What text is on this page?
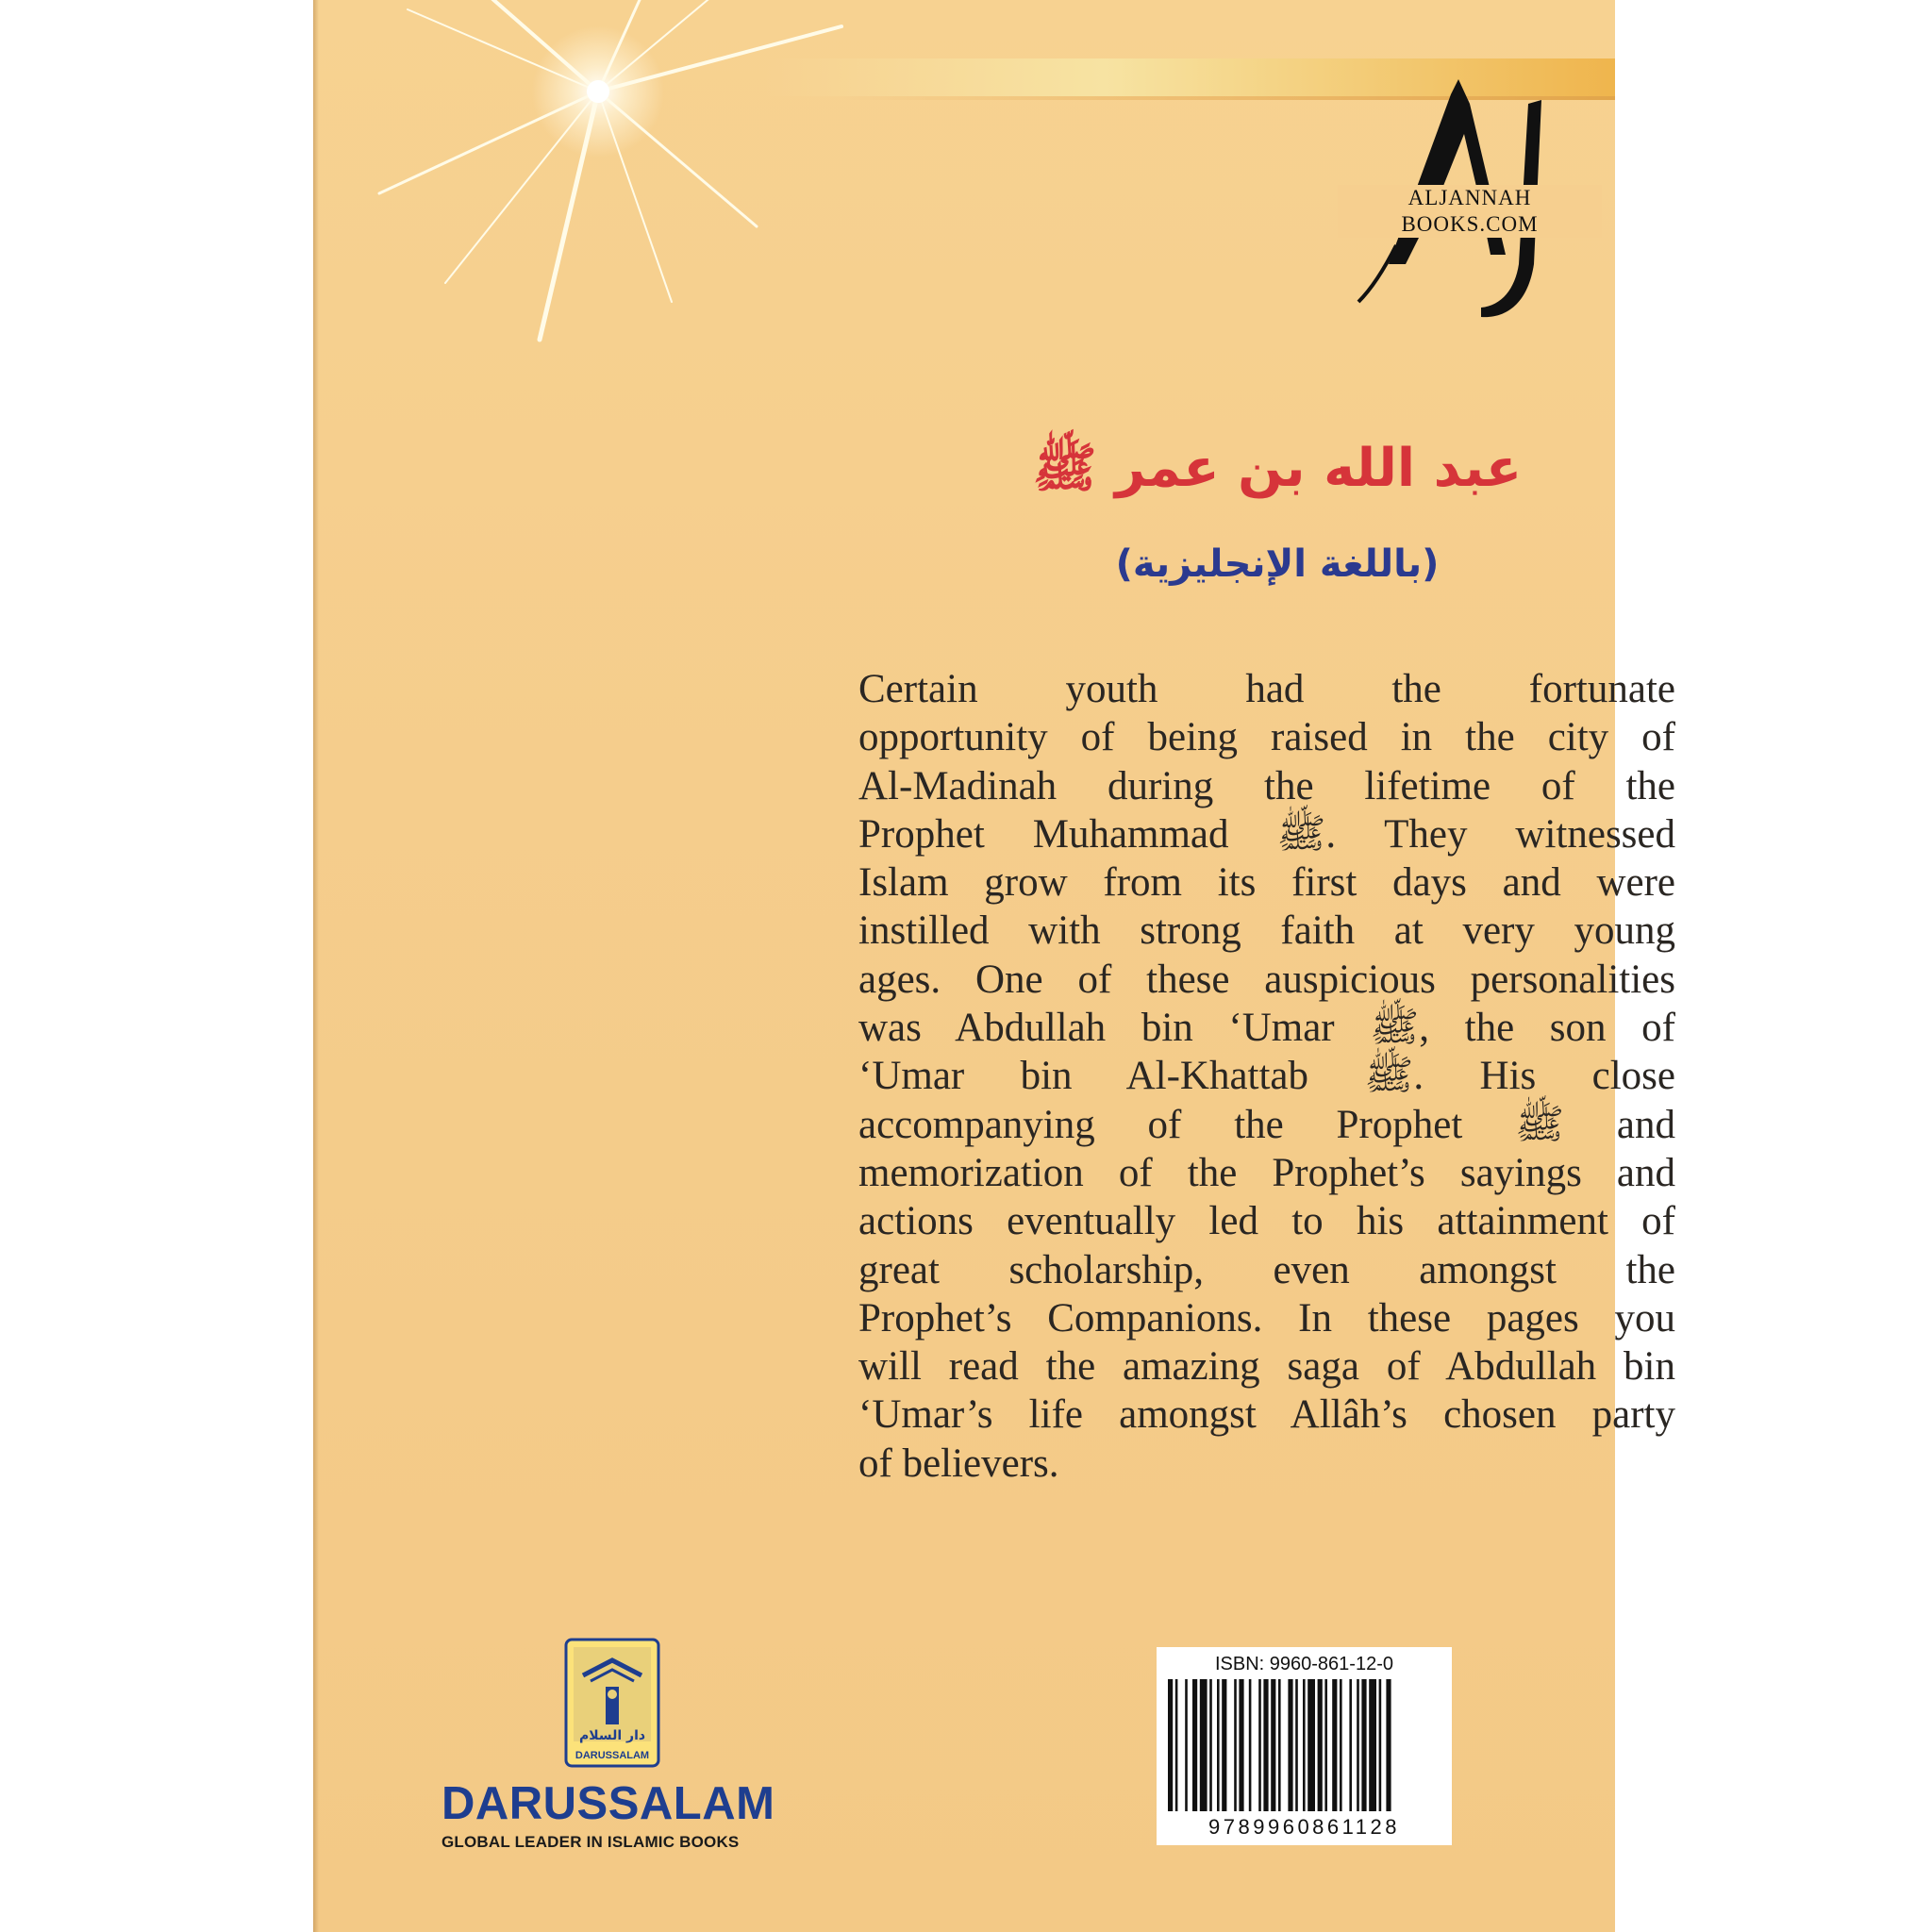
عبد الله بن عمر ﷺ
(باللغة الإنجليزية)
Certain youth had the fortunate
opportunity of being raised in the city of
Al-Madinah during the lifetime of the
Prophet Muhammad ﷺ. They witnessed
Islam grow from its first days and were
instilled with strong faith at very young
ages. One of these auspicious personalities
was Abdullah bin ‘Umar ﷺ, the son of
‘Umar bin Al-Khattab ﷺ. His close
accompanying of the Prophet ﷺ and
memorization of the Prophet’s sayings and
actions eventually led to his attainment of
great scholarship, even amongst the
Prophet’s Companions. In these pages you
will read the amazing saga of Abdullah bin
‘Umar’s life amongst Allâh’s chosen party
of believers.
ALJANNAH BOOKS.COM
دار السلام
DARUSSALAM
DARUSSALAM
GLOBAL LEADER IN ISLAMIC BOOKS
ISBN: 9960-861-12-0
9789960861128
